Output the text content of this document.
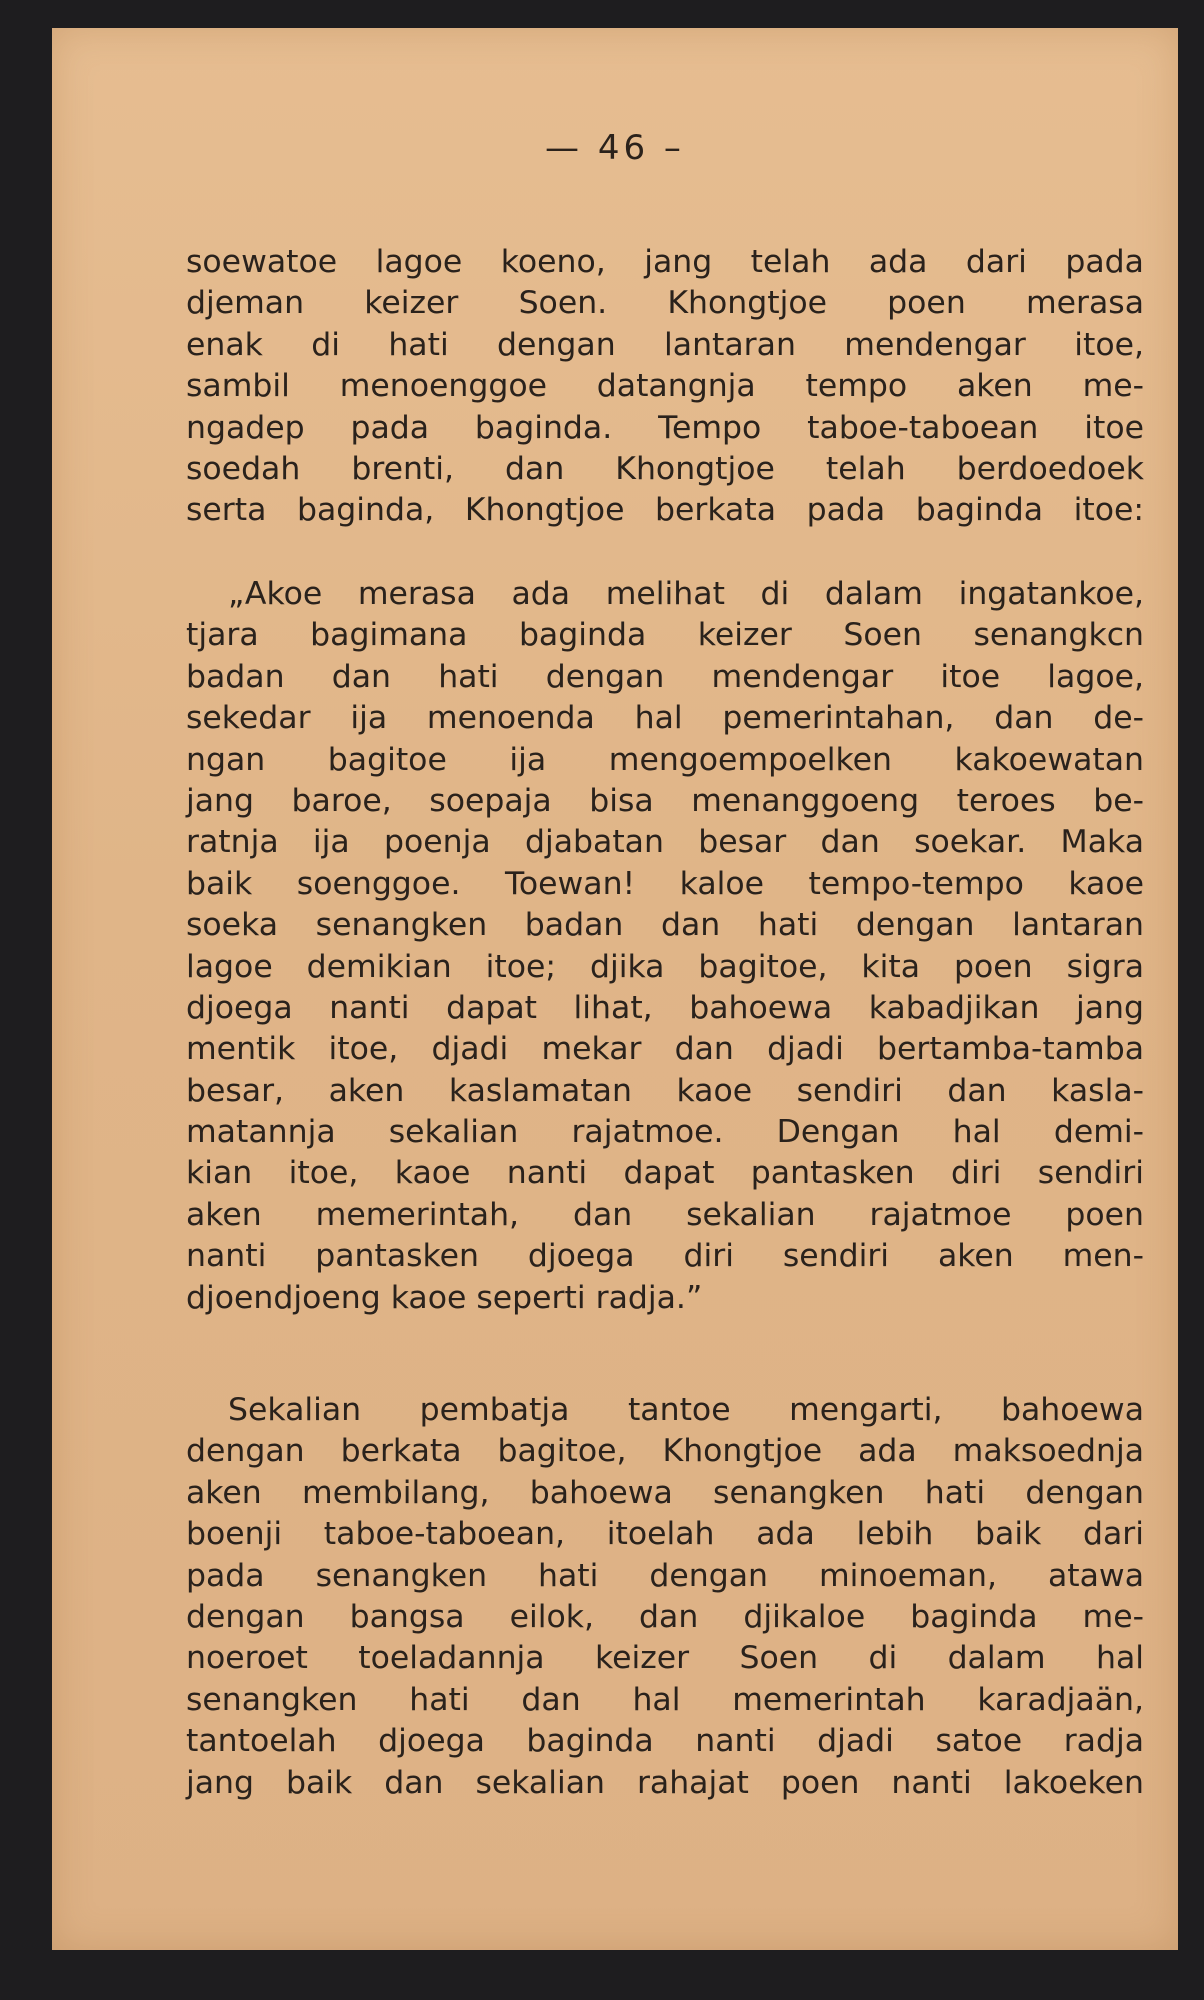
— 46 –
soewatoe lagoe koeno, jang telah ada dari pada
djeman keizer Soen. Khongtjoe poen merasa
enak di hati dengan lantaran mendengar itoe,
sambil menoenggoe datangnja tempo aken me-
ngadep pada baginda. Tempo taboe-taboean itoe
soedah brenti, dan Khongtjoe telah berdoedoek
serta baginda, Khongtjoe berkata pada baginda itoe:
„Akoe merasa ada melihat di dalam ingatankoe,
tjara bagimana baginda keizer Soen senangkcn
badan dan hati dengan mendengar itoe lagoe,
sekedar ija menoenda hal pemerintahan, dan de-
ngan bagitoe ija mengoempoelken kakoewatan
jang baroe, soepaja bisa menanggoeng teroes be-
ratnja ija poenja djabatan besar dan soekar. Maka
baik soenggoe. Toewan! kaloe tempo-tempo kaoe
soeka senangken badan dan hati dengan lantaran
lagoe demikian itoe; djika bagitoe, kita poen sigra
djoega nanti dapat lihat, bahoewa kabadjikan jang
mentik itoe, djadi mekar dan djadi bertamba-tamba
besar, aken kaslamatan kaoe sendiri dan kasla-
matannja sekalian rajatmoe. Dengan hal demi-
kian itoe, kaoe nanti dapat pantasken diri sendiri
aken memerintah, dan sekalian rajatmoe poen
nanti pantasken djoega diri sendiri aken men-
djoendjoeng kaoe seperti radja.”
Sekalian pembatja tantoe mengarti, bahoewa
dengan berkata bagitoe, Khongtjoe ada maksoednja
aken membilang, bahoewa senangken hati dengan
boenji taboe-taboean, itoelah ada lebih baik dari
pada senangken hati dengan minoeman, atawa
dengan bangsa eilok, dan djikaloe baginda me-
noeroet toeladannja keizer Soen di dalam hal
senangken hati dan hal memerintah karadjaän,
tantoelah djoega baginda nanti djadi satoe radja
jang baik dan sekalian rahajat poen nanti lakoeken
